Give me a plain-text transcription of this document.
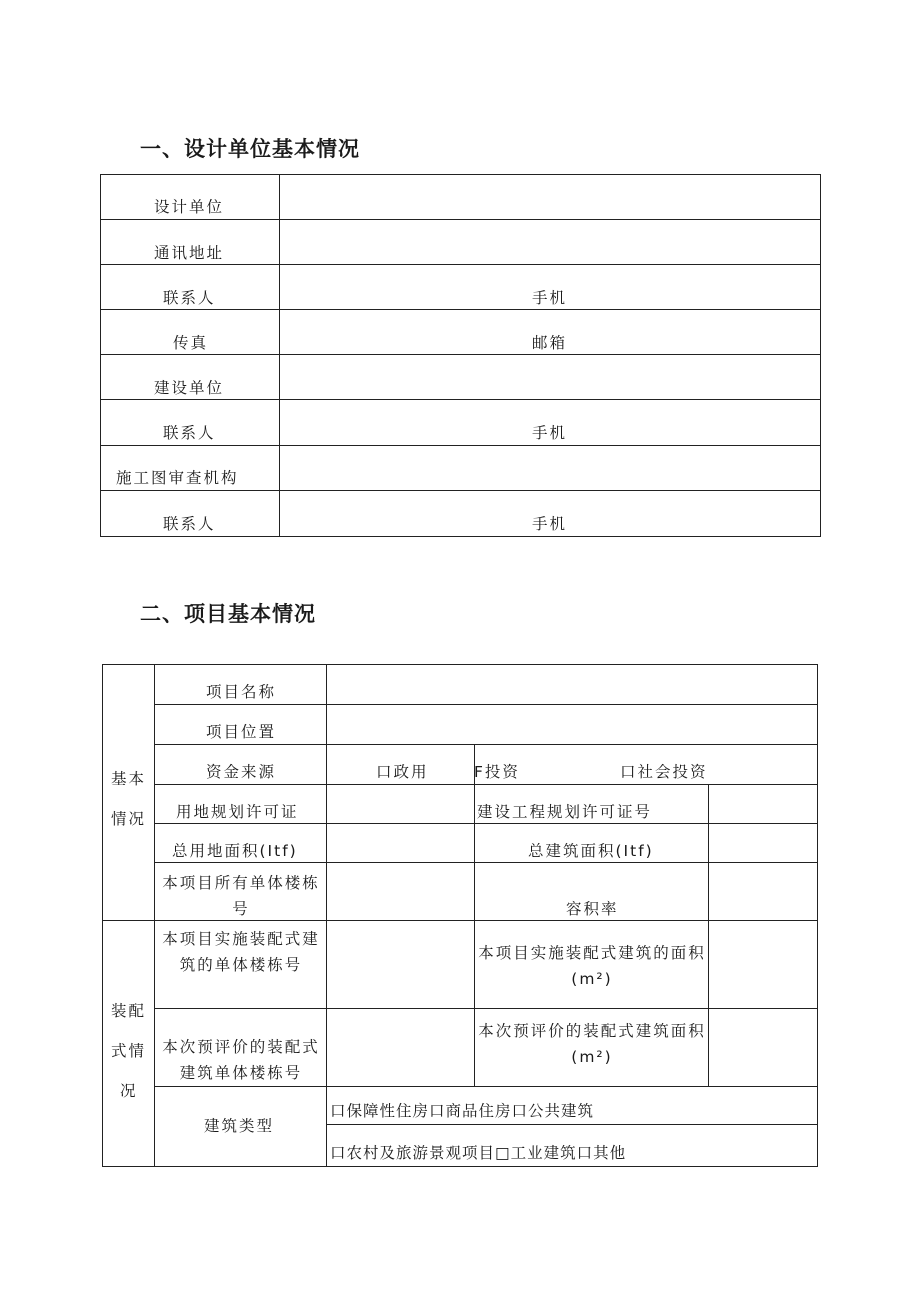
一、设计单位基本情况
设计单位
通讯地址
联系人
传真
建设单位
联系人
施工图审查机构
联系人
手机
邮箱
手机
手机
二、项目基本情况
基本
情况
装配
式情
况
项目名称
项目位置
资金来源
用地规划许可证
总用地面积(Itf)
本项目所有单体楼栋号
本项目实施装配式建筑的单体楼栋号
本次预评价的装配式建筑单体楼栋号
建筑类型
口政用	F投资	口社会投资
建设工程规划许可证号
总建筑面积(Itf)
容积率
本项目实施装配式建筑的面积(m²)
本次预评价的装配式建筑面积(m²)
口保障性住房口商品住房口公共建筑
口农村及旅游景观项目□工业建筑口其他
